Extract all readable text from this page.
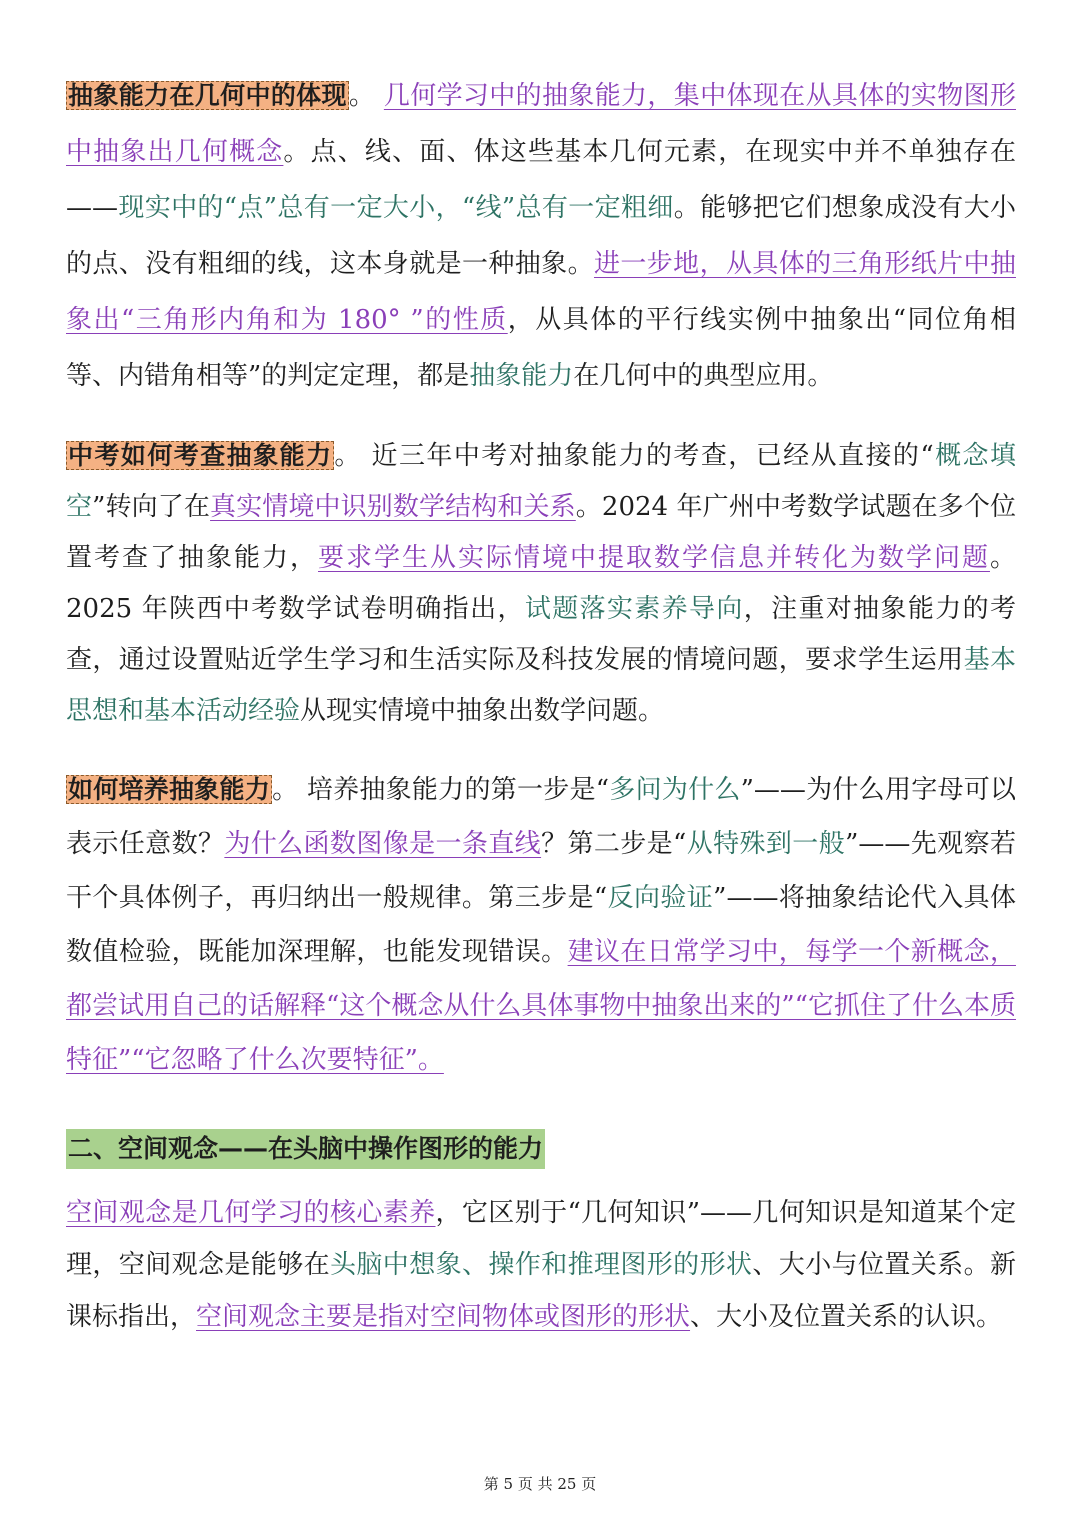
抽象能力在几何中的体现。 几何学习中的抽象能力，集中体现在从具体的实物图形中抽象出几何概念。点、线、面、体这些基本几何元素，在现实中并不单独存在——现实中的“点”总有一定大小，“线”总有一定粗细。能够把它们想象成没有大小的点、没有粗细的线，这本身就是一种抽象。进一步地，从具体的三角形纸片中抽象出“三角形内角和为 180° ”的性质，从具体的平行线实例中抽象出“同位角相等、内错角相等”的判定定理，都是抽象能力在几何中的典型应用。

中考如何考查抽象能力。 近三年中考对抽象能力的考查，已经从直接的“概念填空”转向了在真实情境中识别数学结构和关系。2024 年广州中考数学试题在多个位置考查了抽象能力，要求学生从实际情境中提取数学信息并转化为数学问题。2025 年陕西中考数学试卷明确指出，试题落实素养导向，注重对抽象能力的考查，通过设置贴近学生学习和生活实际及科技发展的情境问题，要求学生运用基本思想和基本活动经验从现实情境中抽象出数学问题。

如何培养抽象能力。 培养抽象能力的第一步是“多问为什么”——为什么用字母可以表示任意数？为什么函数图像是一条直线？第二步是“从特殊到一般”——先观察若干个具体例子，再归纳出一般规律。第三步是“反向验证”——将抽象结论代入具体数值检验，既能加深理解，也能发现错误。建议在日常学习中，每学一个新概念，都尝试用自己的话解释“这个概念从什么具体事物中抽象出来的”“它抓住了什么本质特征”“它忽略了什么次要特征”。

二、空间观念——在头脑中操作图形的能力

空间观念是几何学习的核心素养，它区别于“几何知识”——几何知识是知道某个定理，空间观念是能够在头脑中想象、操作和推理图形的形状、大小与位置关系。新课标指出，空间观念主要是指对空间物体或图形的形状、大小及位置关系的认识。

第 5 页 共 25 页
